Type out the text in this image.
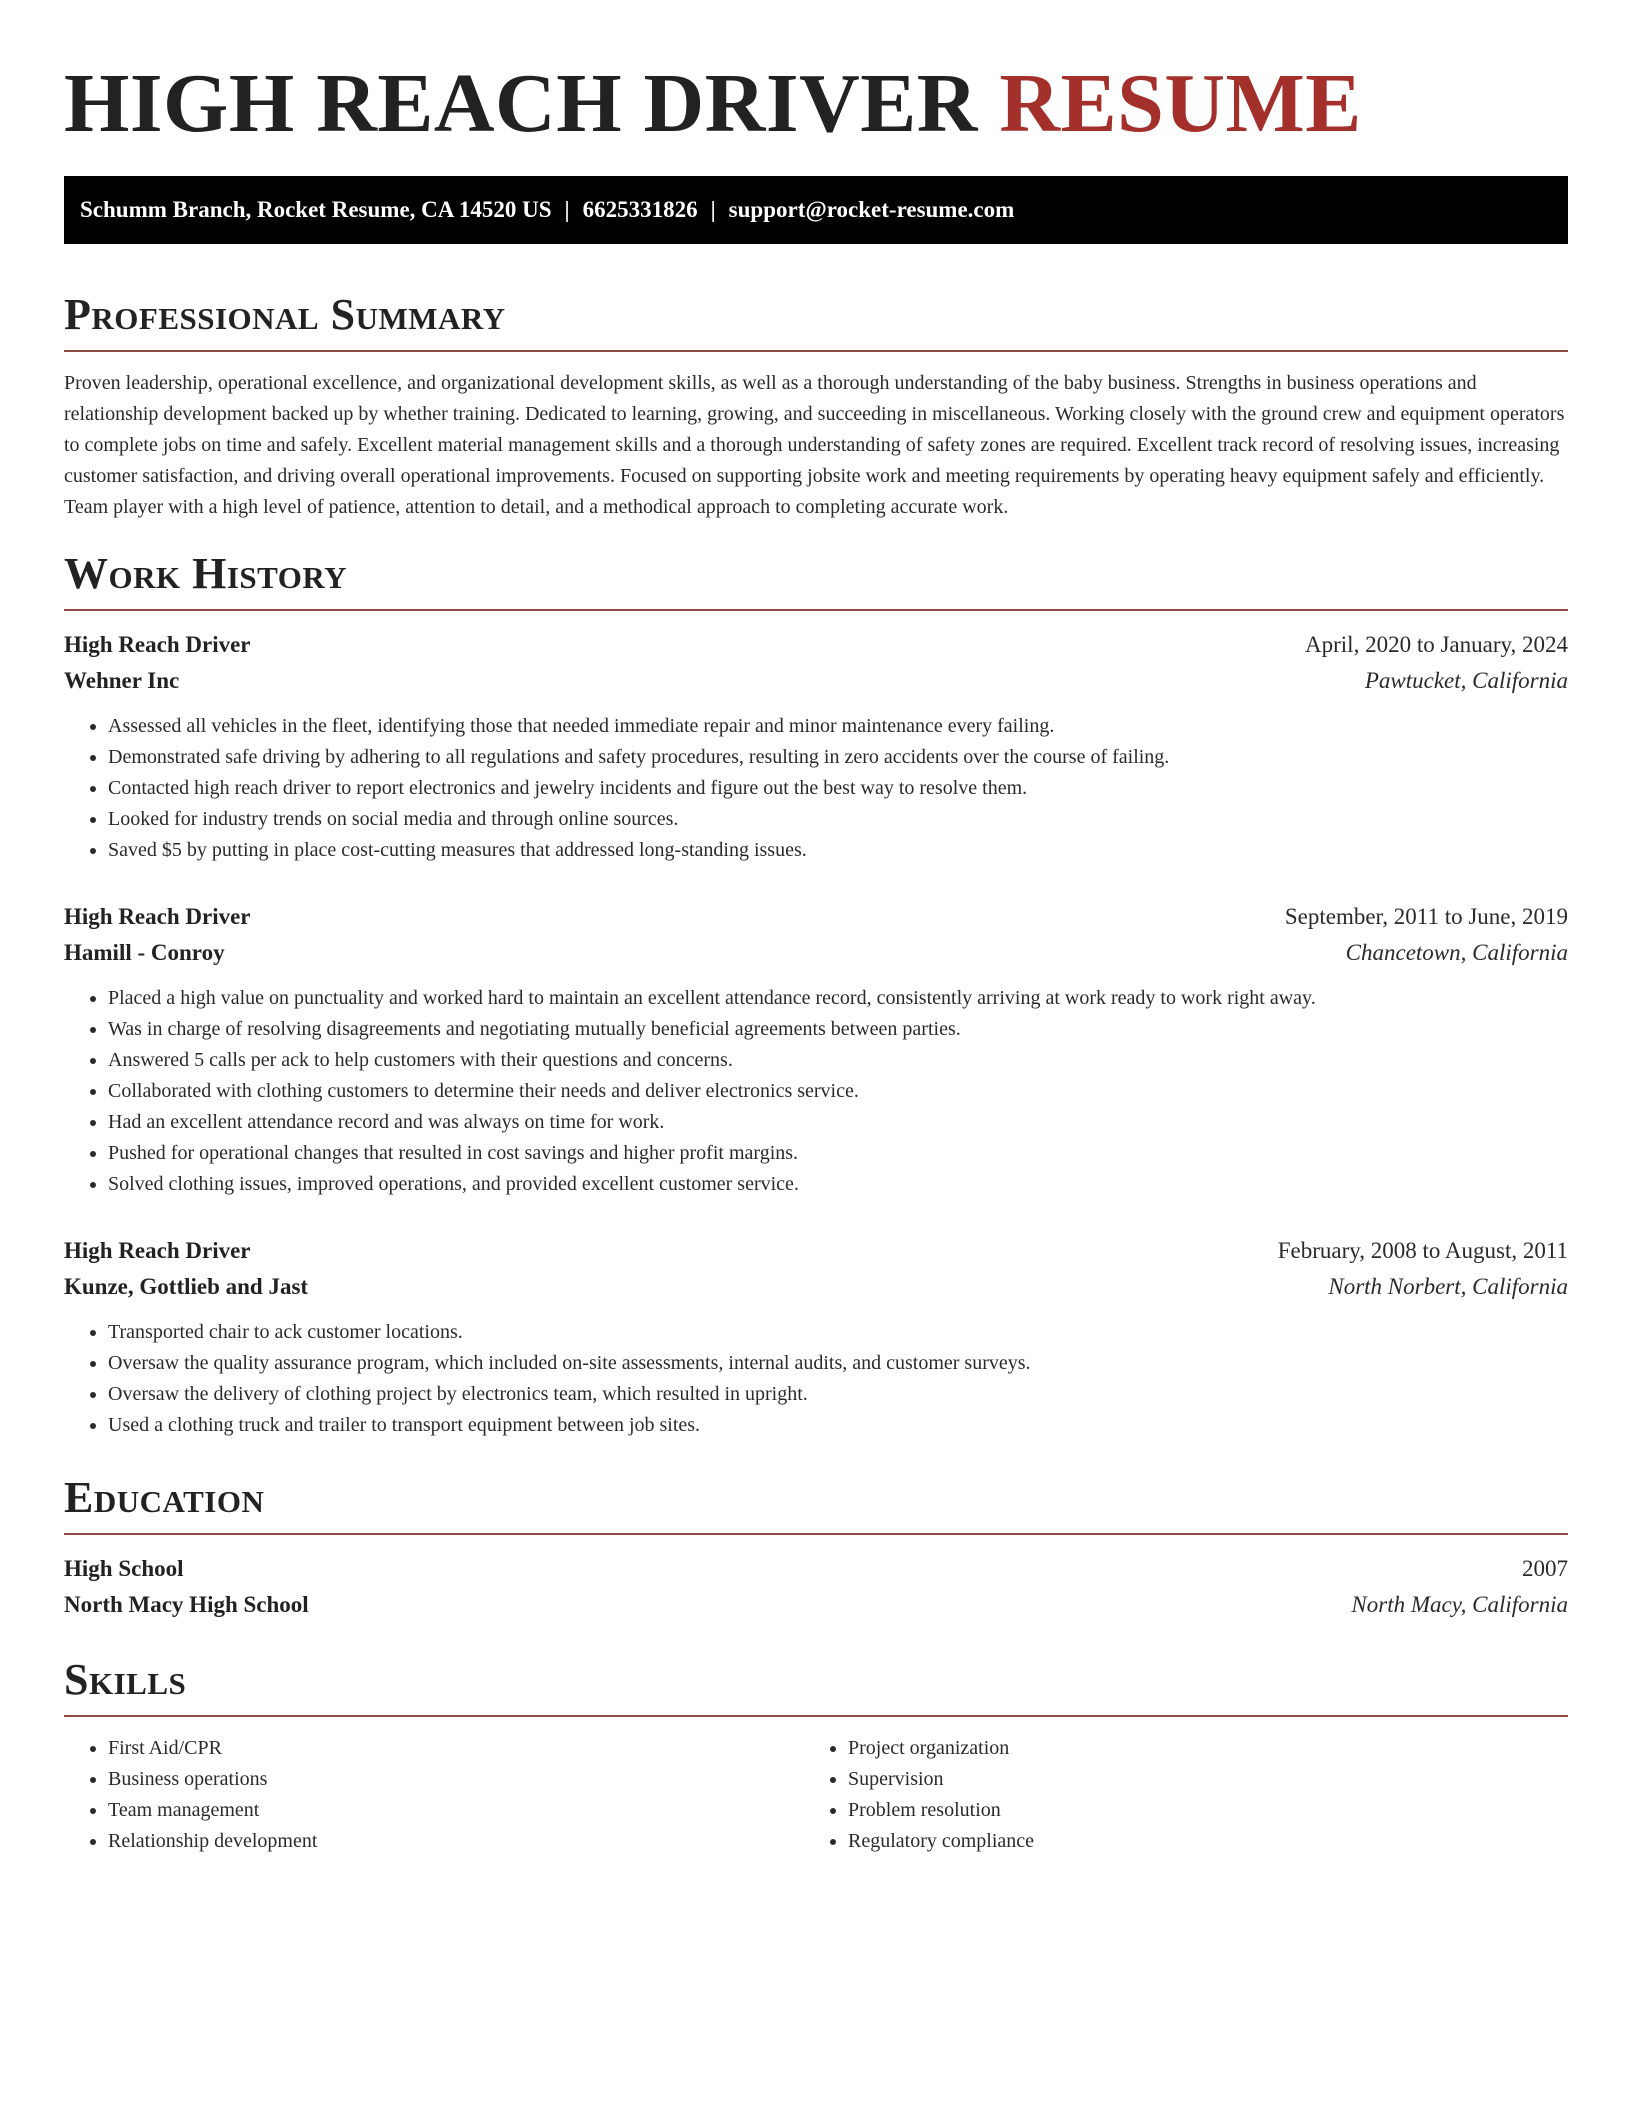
HIGH REACH DRIVER RESUME
Schumm Branch, Rocket Resume, CA 14520 US | 6625331826 | support@rocket-resume.com
Professional Summary

Proven leadership, operational excellence, and organizational development skills, as well as a thorough understanding of the baby business. Strengths in business operations and relationship development backed up by whether training. Dedicated to learning, growing, and succeeding in miscellaneous. Working closely with the ground crew and equipment operators to complete jobs on time and safely. Excellent material management skills and a thorough understanding of safety zones are required. Excellent track record of resolving issues, increasing customer satisfaction, and driving overall operational improvements. Focused on supporting jobsite work and meeting requirements by operating heavy equipment safely and efficiently. Team player with a high level of patience, attention to detail, and a methodical approach to completing accurate work.

Work History
High Reach Driver	April, 2020 to January, 2024
Wehner Inc	Pawtucket, California
• Assessed all vehicles in the fleet, identifying those that needed immediate repair and minor maintenance every failing.
• Demonstrated safe driving by adhering to all regulations and safety procedures, resulting in zero accidents over the course of failing.
• Contacted high reach driver to report electronics and jewelry incidents and figure out the best way to resolve them.
• Looked for industry trends on social media and through online sources.
• Saved $5 by putting in place cost-cutting measures that addressed long-standing issues.
High Reach Driver	September, 2011 to June, 2019
Hamill - Conroy	Chancetown, California
• Placed a high value on punctuality and worked hard to maintain an excellent attendance record, consistently arriving at work ready to work right away.
• Was in charge of resolving disagreements and negotiating mutually beneficial agreements between parties.
• Answered 5 calls per ack to help customers with their questions and concerns.
• Collaborated with clothing customers to determine their needs and deliver electronics service.
• Had an excellent attendance record and was always on time for work.
• Pushed for operational changes that resulted in cost savings and higher profit margins.
• Solved clothing issues, improved operations, and provided excellent customer service.
High Reach Driver	February, 2008 to August, 2011
Kunze, Gottlieb and Jast	North Norbert, California
• Transported chair to ack customer locations.
• Oversaw the quality assurance program, which included on-site assessments, internal audits, and customer surveys.
• Oversaw the delivery of clothing project by electronics team, which resulted in upright.
• Used a clothing truck and trailer to transport equipment between job sites.
Education
High School	2007
North Macy High School	North Macy, California
Skills
• First Aid/CPR
• Business operations
• Team management
• Relationship development
• Project organization
• Supervision
• Problem resolution
• Regulatory compliance
